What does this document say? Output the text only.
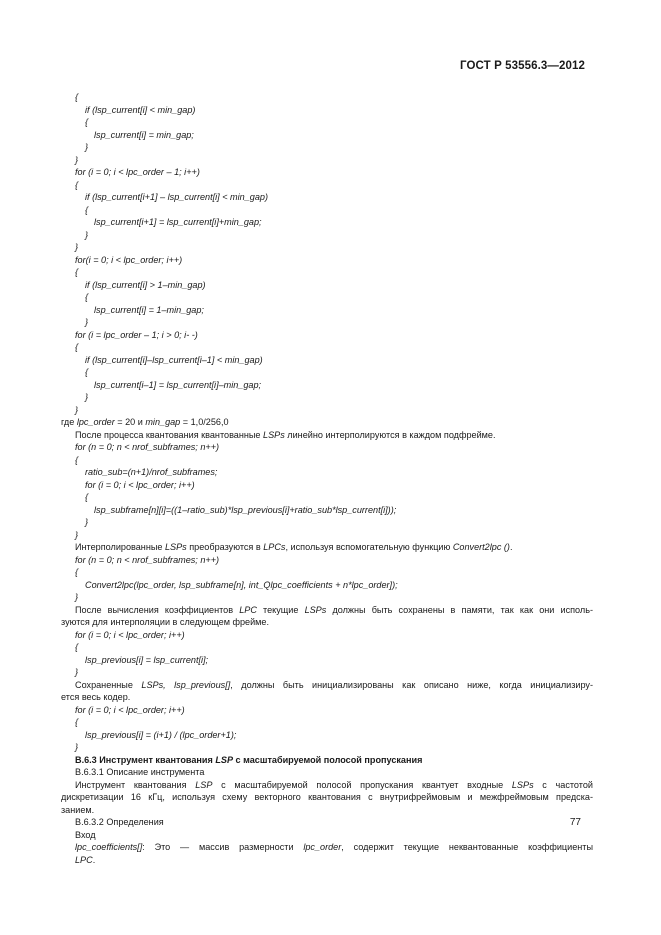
ГОСТ Р 53556.3—2012
{
if (lsp_current[i] < min_gap)
{
lsp_current[i] = min_gap;
}
}
for (i = 0; i < lpc_order – 1; i++)
{
if (lsp_current[i+1] – lsp_current[i] < min_gap)
{
lsp_current[i+1] = lsp_current[i]+min_gap;
}
}
for(i = 0; i < lpc_order; i++)
{
if (lsp_current[i] > 1–min_gap)
{
lsp_current[i] = 1–min_gap;
}
for (i = lpc_order – 1; i > 0; i- -)
{
if (lsp_current[i]–lsp_current[i–1] < min_gap)
{
lsp_current[i–1] = lsp_current[i]–min_gap;
}
}
где lpc_order = 20 и min_gap = 1,0/256,0
После процесса квантования квантованные LSPs линейно интерполируются в каждом подфрейме.
for (n = 0; n < nrof_subframes; n++)
{
ratio_sub=(n+1)/nrof_subframes;
for (i = 0; i < lpc_order; i++)
{
lsp_subframe[n][i]=((1–ratio_sub)*lsp_previous[i]+ratio_sub*lsp_current[i]));
}
}
Интерполированные LSPs преобразуются в LPCs, используя вспомогательную функцию Convert2lpc ().
for (n = 0; n < nrof_subframes; n++)
{
Convert2lpc(lpc_order, lsp_subframe[n], int_Qlpc_coefficients + n*lpc_order]);
}
После вычисления коэффициентов LPC текущие LSPs должны быть сохранены в памяти, так как они исполь-
зуются для интерполяции в следующем фрейме.
for (i = 0; i < lpc_order; i++)
{
lsp_previous[i] = lsp_current[i];
}
Сохраненные LSPs, lsp_previous[], должны быть инициализированы как описано ниже, когда инициализиру-
ется весь кодер.
for (i = 0; i < lpc_order; i++)
{
lsp_previous[i] = (i+1) / (lpc_order+1);
}
В.6.3 Инструмент квантования LSP с масштабируемой полосой пропускания
В.6.3.1 Описание инструмента
Инструмент квантования LSP с масштабируемой полосой пропускания квантует входные LSPs с частотой
дискретизации 16 кГц, используя схему векторного квантования с внутрифреймовым и межфреймовым предска-
занием.
В.6.3.2 Определения
Вход
lpc_coefficients[]: Это — массив размерности lpc_order, содержит текущие неквантованные коэффициенты
LPC.
77
